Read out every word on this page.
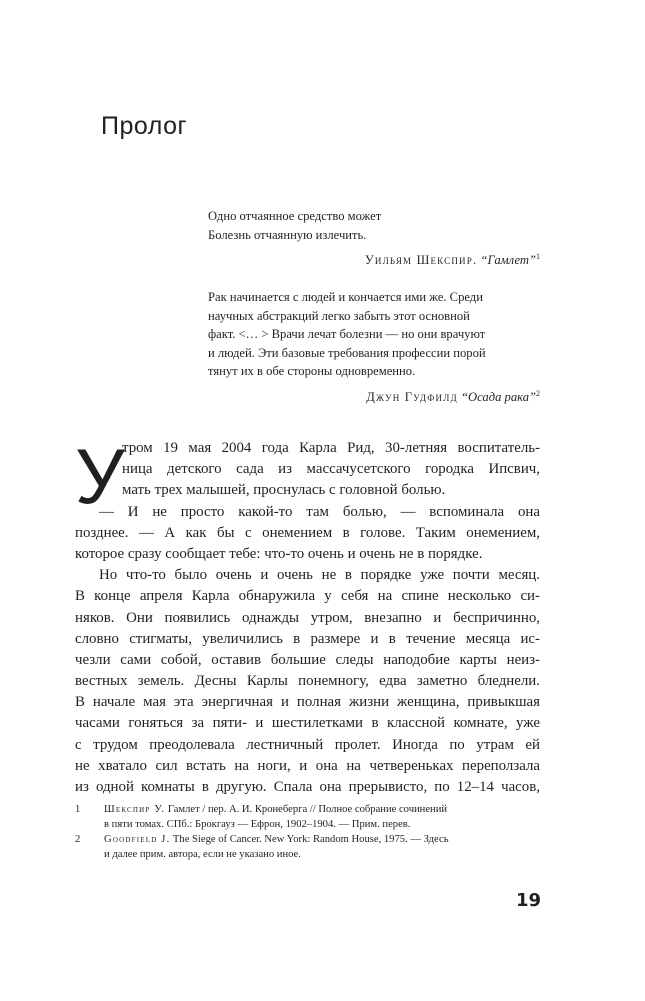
Пролог
Одно отчаянное средство может
Болезнь отчаянную излечить.
Уильям Шекспир. “Гамлет”$^1$
Рак начинается с людей и кончается ими же. Среди
научных абстракций легко забыть этот основной
факт. <… > Врачи лечат болезни — но они врачуют
и людей. Эти базовые требования профессии порой
тянут их в обе стороны одновременно.
Джун Гудфилд “Осада рака”$^2$
У
тром 19 мая 2004 года Карла Рид, 30-летняя воспитатель-
ница детского сада из массачусетского городка Ипсвич,
мать трех малышей, проснулась с головной болью.
— И не просто какой-то там болью, — вспоминала она
позднее. — А как бы с онемением в голове. Таким онемением,
которое сразу сообщает тебе: что-то очень и очень не в порядке.
Но что-то было очень и очень не в порядке уже почти месяц.
В конце апреля Карла обнаружила у себя на спине несколько си-
няков. Они появились однажды утром, внезапно и беспричинно,
словно стигматы, увеличились в размере и в течение месяца ис-
чезли сами собой, оставив большие следы наподобие карты неиз-
вестных земель. Десны Карлы понемногу, едва заметно бледнели.
В начале мая эта энергичная и полная жизни женщина, привыкшая
часами гоняться за пяти- и шестилетками в классной комнате, уже
с трудом преодолевала лестничный пролет. Иногда по утрам ей
не хватало сил встать на ноги, и она на четвереньках переползала
из одной комнаты в другую. Спала она прерывисто, по 12–14 часов,
1 Шекспир У. Гамлет / пер. А. И. Кронеберга // Полное собрание сочинений
в пяти томах. СПб.: Брокгауз — Ефрон, 1902–1904. — Прим. перев.
2 Goodfield J. The Siege of Cancer. New York: Random House, 1975. — Здесь
и далее прим. автора, если не указано иное.
19
